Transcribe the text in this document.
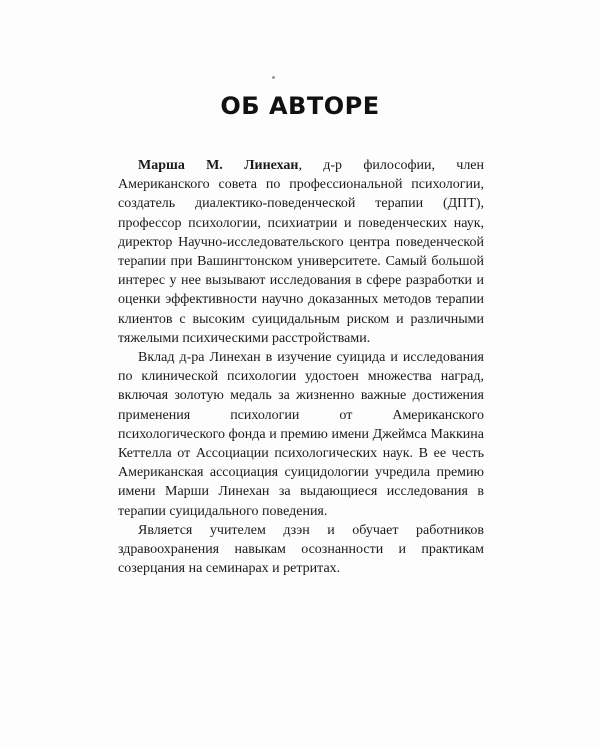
ОБ АВТОРЕ

Марша М. Линехан, д-р философии, член Американского совета по профессиональной психологии, создатель диалектико-поведенческой терапии (ДПТ), профессор психологии, психиатрии и поведенческих наук, директор Научно-исследовательского центра поведенческой терапии при Вашингтонском университете. Самый большой интерес у нее вызывают исследования в сфере разработки и оценки эффективности научно доказанных методов терапии клиентов с высоким суицидальным риском и различными тяжелыми психическими расстройствами.

Вклад д-ра Линехан в изучение суицида и исследования по клинической психологии удостоен множества наград, включая золотую медаль за жизненно важные достижения применения психологии от Американского психологического фонда и премию имени Джеймса Маккина Кеттелла от Ассоциации психологических наук. В ее честь Американская ассоциация суицидологии учредила премию имени Марши Линехан за выдающиеся исследования в терапии суицидального поведения.

Является учителем дзэн и обучает работников здравоохранения навыкам осознанности и практикам созерцания на семинарах и ретритах.
